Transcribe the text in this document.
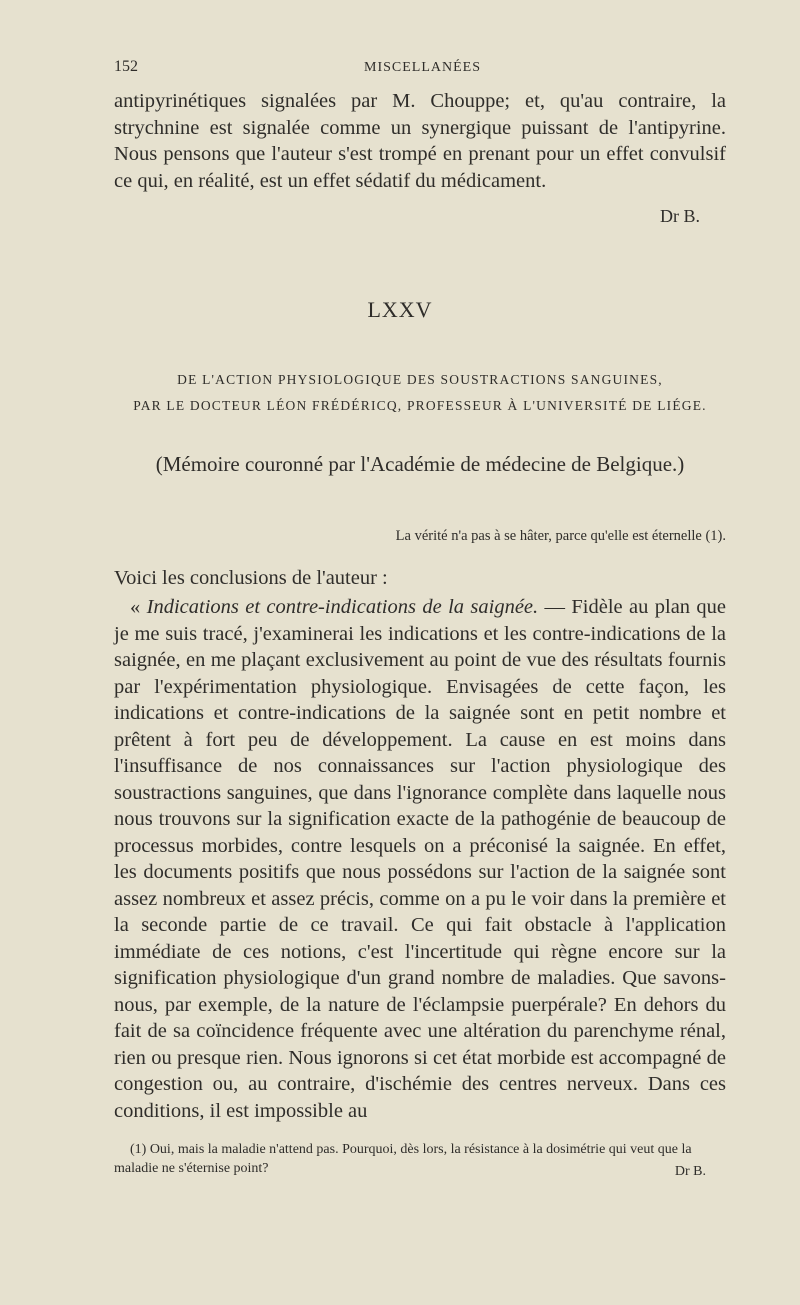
152	MISCELLANÉES

antipyrinétiques signalées par M. Chouppe; et, qu'au contraire, la strychnine est signalée comme un synergique puissant de l'antipyrine. Nous pensons que l'auteur s'est trompé en prenant pour un effet convulsif ce qui, en réalité, est un effet sédatif du médicament.

Dr B.
LXXV
DE L'ACTION PHYSIOLOGIQUE DES SOUSTRACTIONS SANGUINES,
PAR LE DOCTEUR LÉON FRÉDÉRICQ, PROFESSEUR À L'UNIVERSITÉ DE LIÉGE.
(Mémoire couronné par l'Académie de médecine de Belgique.)
La vérité n'a pas à se hâter, parce qu'elle est éternelle (1).

Voici les conclusions de l'auteur :

« Indications et contre-indications de la saignée. — Fidèle au plan que je me suis tracé, j'examinerai les indications et les contre-indications de la saignée, en me plaçant exclusivement au point de vue des résultats fournis par l'expérimentation physiologique. Envisagées de cette façon, les indications et contre-indications de la saignée sont en petit nombre et prêtent à fort peu de développement. La cause en est moins dans l'insuffisance de nos connaissances sur l'action physiologique des soustractions sanguines, que dans l'ignorance complète dans laquelle nous nous trouvons sur la signification exacte de la pathogénie de beaucoup de processus morbides, contre lesquels on a préconisé la saignée. En effet, les documents positifs que nous possédons sur l'action de la saignée sont assez nombreux et assez précis, comme on a pu le voir dans la première et la seconde partie de ce travail. Ce qui fait obstacle à l'application immédiate de ces notions, c'est l'incertitude qui règne encore sur la signification physiologique d'un grand nombre de maladies. Que savons-nous, par exemple, de la nature de l'éclampsie puerpérale? En dehors du fait de sa coïncidence fréquente avec une altération du parenchyme rénal, rien ou presque rien. Nous ignorons si cet état morbide est accompagné de congestion ou, au contraire, d'ischémie des centres nerveux. Dans ces conditions, il est impossible au

(1) Oui, mais la maladie n'attend pas. Pourquoi, dès lors, la résistance à la dosimétrie qui veut que la maladie ne s'éternise point?	Dr B.
